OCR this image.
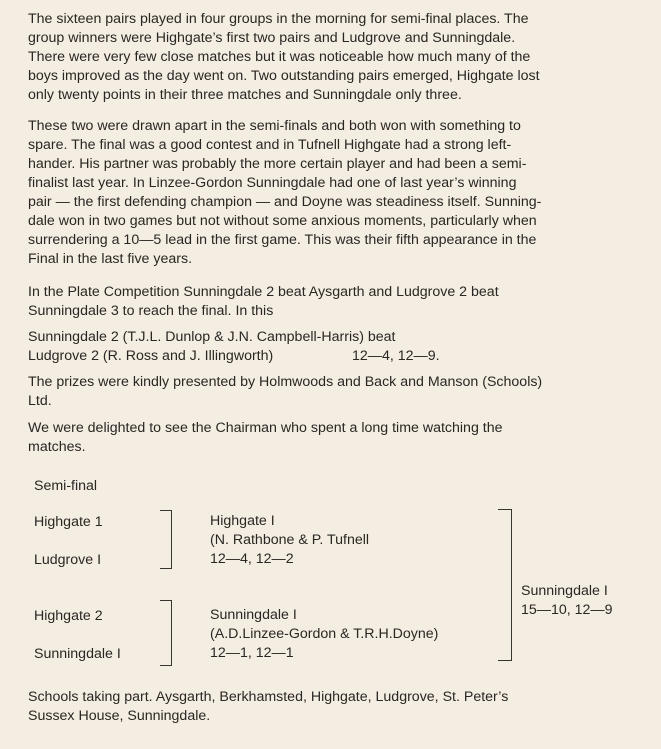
The sixteen pairs played in four groups in the morning for semi-final places. The
group winners were Highgate’s first two pairs and Ludgrove and Sunningdale.
There were very few close matches but it was noticeable how much many of the
boys improved as the day went on. Two outstanding pairs emerged, Highgate lost
only twenty points in their three matches and Sunningdale only three.

These two were drawn apart in the semi-finals and both won with something to
spare. The final was a good contest and in Tufnell Highgate had a strong left-
hander. His partner was probably the more certain player and had been a semi-
finalist last year. In Linzee-Gordon Sunningdale had one of last year’s winning
pair — the first defending champion — and Doyne was steadiness itself. Sunning-
dale won in two games but not without some anxious moments, particularly when
surrendering a 10—5 lead in the first game. This was their fifth appearance in the
Final in the last five years.

In the Plate Competition Sunningdale 2 beat Aysgarth and Ludgrove 2 beat
Sunningdale 3 to reach the final. In this

Sunningdale 2 (T.J.L. Dunlop & J.N. Campbell-Harris) beat
Ludgrove 2 (R. Ross and J. Illingworth)	12—4, 12—9.

The prizes were kindly presented by Holmwoods and Back and Manson (Schools)
Ltd.

We were delighted to see the Chairman who spent a long time watching the
matches.

Semi-final
Highgate 1
Ludgrove I
Highgate I
(N. Rathbone & P. Tufnell
12—4, 12—2
Highgate 2
Sunningdale I
Sunningdale I
(A.D.Linzee-Gordon & T.R.H.Doyne)
12—1, 12—1
Sunningdale I
15—10, 12—9

Schools taking part. Aysgarth, Berkhamsted, Highgate, Ludgrove, St. Peter’s
Sussex House, Sunningdale.
